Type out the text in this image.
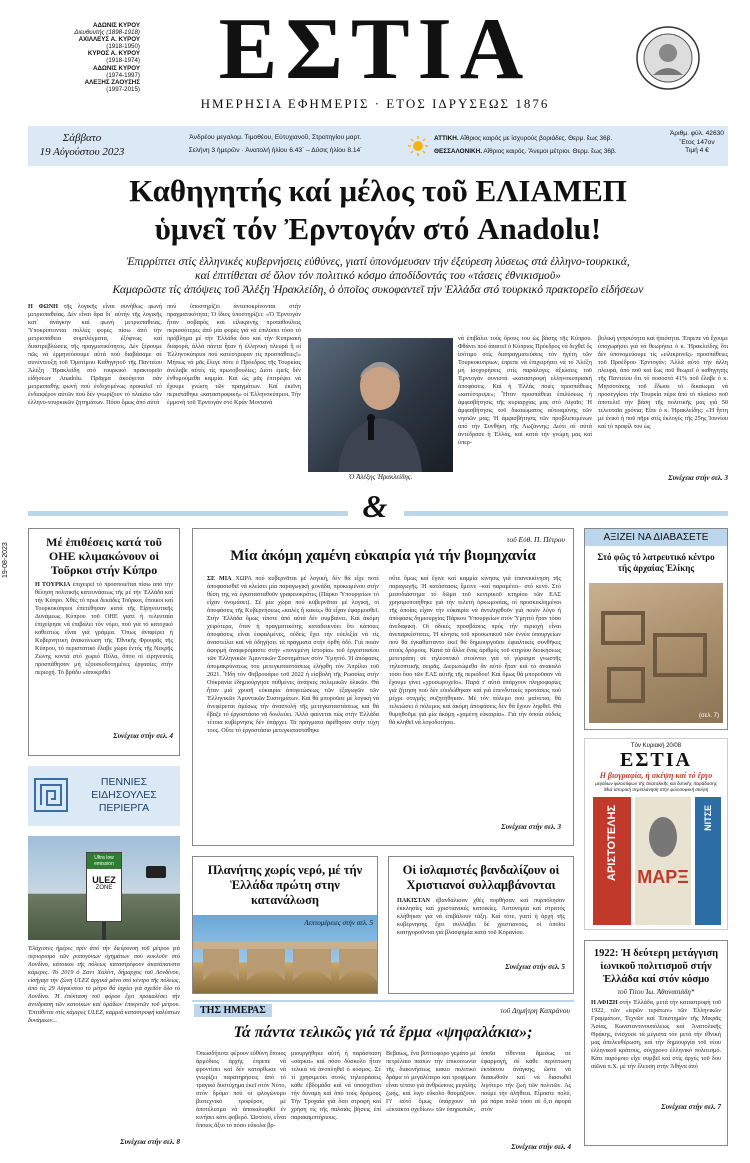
ΑΔΩΝΙΣ ΚΥΡΟΥ
Διευθυντής (1898-1918)
ΑΧΙΛΛΕΥΣ Α. ΚΥΡΟΥ
(1918-1950)
ΚΥΡΟΣ Α. ΚΥΡΟΥ
(1918-1974)
ΑΔΩΝΙΣ ΚΥΡΟΥ
(1974-1997)
ΑΛΕΞΗΣ ΖΑΟΥΣΗΣ
(1997-2015) ΕΣΤΙΑ
ΗΜΕΡΗΣΙΑ ΕΦΗΜΕΡΙΣ · ΕΤΟΣ ΙΔΡΥΣΕΩΣ 1876
Σάββατο
19 Αὐγούστου 2023
Ἀνδρέου μεγαλομ. Τιμοθέου, Εὐτυχιανοῦ, Στρατηγίου μαρτ.
Σελήνη 3 ἡμερῶν · Ἀνατολή ἡλίου 6.43´ – Δύσις ἡλίου 8.14´
ΑΤΤΙΚΗ. Αἴθριος καιρός με ἰσχυρούς βοριάδες. Θερμ. ἕως 36β.
ΘΕΣΣΑΛΟΝΙΚΗ. Αἴθριος καιρός. Ἄνεμοι μέτριοι. Θερμ. ἕως 36β.
Ἀριθμ. φύλ. 42630
Ἔτος 147ον
Τιμή 4 €
Καθηγητής καί μέλος τοῦ ΕΛΙΑΜΕΠ
ὑμνεῖ τόν Ἐρντογάν στό Anadolu!
Ἐπιρρίπτει στίς ἑλληνικές κυβερνήσεις εὐθύνες, γιατί ὑπονόμευσαν τήν ἐξεύρεση λύσεως στά ἑλληνο-τουρκικά,
καί ἐπιτίθεται σέ ὅλον τόν πολιτικό κόσμο ἀποδίδοντάς του «τάσεις ἐθνικισμοῦ»
Καμαρῶστε τίς ἀπόψεις τοῦ Ἀλέξη Ἡρακλείδη, ὁ ὁποῖος συκοφαντεῖ τήν Ἑλλάδα στό τουρκικό πρακτορεῖο εἰδήσεων
Η ΦΩΝΗ τῆς λογικῆς εἶναι συνήθως φωνή μετριοπαθείας. Δέν εἶναι ἄρα δι᾽ αὐτήν τῆς λογικῆς κατ᾽ ἀνάγκην καί φωνή μετριοπαθείας. Ὑποκρίπτονται πολλές φορές πίσω ἀπό τήν μετριοπάθεια συμπλέγματα, ἐξόφνως καί διαστρεβλώσεις τῆς πραγματικότητος. Δέν ξέρουμε πῶς νά ἑρμηνεύσουμε αὐτά πού διαβάσαμε σέ συνέντευξη τοῦ Ὁμοτίμου Καθηγητοῦ τῆς Παντείου Ἀλέξη Ἡρακλείδη στό τουρκικό πρακτορεῖο εἰδήσεων Anadolu. Πρᾶγμα ἀκούγεται σάν μετριοπαθής φωνή πού ἐνδεχομένως προκαλεῖ τό ἐνδιαφέρον αὐτῶν πού δέν γνωρίζουν τό πλαίσιο τῶν ἑλληνο-τουρκικῶν ζητημάτων. Πόσο ὅμως ἀπό αὐτά
πού ὑποστηρίζει ἀνταποκρίνονται στήν πραγματικότητα; Ὁ ἴδιος ὑποστηρίζει: «Ὁ Ἐρντογάν ἦταν σοβαρός καί εἰλικρινής προπαθούλεις περισσότερες ἀπό μία φορές γιά νά ἐπιλύσει τόσο τό πρόβλημα μέ τήν Ἑλλάδα ὅσο καί τήν Κυπριακή διαφορά, ἀλλά πάντα ἦταν ἡ ἑλληνική πλευρά ἢ οἱ Ἑλληνοκύπριοι πού κατέστρεφαν τίς προσπάθειες!» Μήπως νά μᾶς ἔλεγε πότε ὁ Πρόεδρος τῆς Τουρκίας ἀνέλαβε αὐτές τίς πρωτοβουλίες; Διότι ἐμεῖς δέν ἐνθυμούμεθα καμμία. Καί ὡς μᾶς ἐπιτρέψει νά ἔχουμε γνώση τῶν πραγμάτων. Καί ἐκεῖνη περιστάθηκε «καταστροφική» οἱ Ἑλληνοκύπριοι. Τήν ἐμμονή τοῦ Ἐρντογάν στό Κράν Μοντανά
Ὁ Ἀλέξης Ἡρακλείδης.
νά ἐπιβάλει τούς ὅρους του ὡς βάσης τῆς Κύπρου. Φθάνει πού ἀπαιτεῖ ὁ Κύπριος Πρόεδρος νά δεχθεῖ ὅς ἰσότιμο στίς διαπραγματεύσεις τόν ἡγέτη τῶν Τουρκοκυπρίων, ἐπρεπε νά ἐπιχειρήσει νά τό Ἀλέξη μή ἰσοχορήσεις στίς παράλογες ἀξιώσεις τοῦ Ἐρντογάν συνιστά «καταστροφή ελληνοκυπριακή ἀποφάσεις. Καί ἡ Ἑλλάς ποιές προσπάθειες «κατέστρεψε»; Ἦταν προσπάθεια ἐπιλύσεως ἡ ἀμφισβήτησις τῆς κυριαρχίας μας στό Αἰγαῖο; Ἡ ἀμφισβήτησις τοῦ δικαιώματος αὐτοαμύνης τῶν νησιῶν μας; Ἡ ἀμφισβήτησις τῶν προβλεπομένων ἀπό τήν Συνθήκη τῆς Λωζάννης; Διότι σέ αὐτά ἀντέδρασε ἡ Ἑλλάς, καί κατά τήν γνώμη μας καί ὑπερ-
βολική γνησιότητα καί ἠπιότητα. Ἐπρεπε νά ἔχουμε ὑποχωρήσει γιά νά θεωρήσει ὁ κ. Ἡρακλείδης ὅτι δέν ὑπονομεύουμε τίς «εἰλικρινεῖς» προσπάθειες τοῦ Προέδρου Ἐρντογάν; Ἀλλά αὐτό τήν ἀλλη πλευρά, ἀπό ποῦ καί ἕως ποῦ θεωρεῖ ὁ καθηγητής τῆς Παντείου ὅτι τό ποσοστό 41% ποῦ ἔλαβε ὁ κ. Μητσοτάκης τοῦ ἔδωσε τό δικαίωμα νά προσεγγίσει τήν Τουρκία πέρα ἀπό τό πλαίσιο ποῦ ἀποτελεῖ τήν βάση τῆς πολιτικῆς μας γιά 50 τελευταῖα χρόνια; Εἶπε ὁ κ. Ἡρακλείδης: «Ἡ ἥττη μέ ἑνικό ἡ ποῦ πῆρε στίς ἐκλογές τῆς 25ης Ἰουνίου καί τό προφίλ του ὡς
Συνέχεια στήν σελ. 3
&
19-08-2023
Μέ ἐπιθέσεις κατά τοῦ ΟΗΕ κλιμακώνουν οἱ Τοῦρκοι στήν Κύπρο
Η ΤΟΥΡΚΙΑ ἐπιχειρεῖ τό προσποιεῖται πίσω από τήν θέληση πολιτικῆς κατευνάσεως τῆς μέ τήν Ἑλλάδα καί τήν Κύπρο. Χθές τό πρωί δεκάδες Τοῦρκοι, ἔποικοι καί Τουρκοκύπριοι ἐπετέθησαν κατά τῆς Εἰρηνευτικῆς Δυνάμεως Κύπρου τοῦ ΟΗΕ γιατί ἡ τελευταία ἐπιχείρησε νά ἐπιβάλει τόν νόμο, πού γιά τό κατοχικό καθεστώς εἶναι γιά γράμμα. Ὅπως ἀναφέρει ἡ Κυβερνητική ἀνακοίνωση τῆς Ἐθνικῆς Φρουρᾶς τῆς Κύπρου, τό περιστατικό ἔλαβε χώρα ἐντός τῆς Νεκρῆς Ζώνης κοντά στό χωριό Πύλα, ὅπου οἱ εἰρηνευτές προσπάθησαν μή εξουσιοδοτημένες ἐργασίες στήν περιοχή. Τό βράδυ «ἀποκριθεί
Συνέχεια στήν σελ. 4
ΠΕΝΝΙΕΣ
ΕΙΔΗΣΟΥΛΕΣ
ΠΕΡΙΕΡΓΑ
Ultra low emission
ULEZ
ZONE
Ἐλάχιστες ἡμέρες πρίν ἀπό τήν διεύρυνση τοῦ μέτρου γιά περιορισμό τῶν ρυπογόνων ὀχημάτων πού κυκλοῦν στό Λονδίνο, κάτοικοι τῆς πόλεως καταστρέφουν ἀκατάπαυστα κάμερες. Τό 2019 ὁ Σαντ Χαλίντ, δήμαρχος τοῦ Λονδίνου, εἰσήγαγε τήν ζώνη ULEZ ἀρχικά μόνο στό κέντρο τῆς πόλεως, ἀπό τίς 29 Αὐγούστου τό μέτρο θά ἰσχύει γιά σχεδόν ὅλο τό Λονδίνο. Ἡ ἐπέκταση τοῦ φόρου ἔχει προκαλέσει τήν ἀντίδραση τῶν κατοίκων καί ὁμάδων ἐπικριτῶν τοῦ μέτρου. Ἐπιτίθεται στίς κάμερες ULEZ, καμμιά καταστροφή καλύπτων δυνάμεων...
Συνέχεια στήν σελ. 8
τοῦ Εὐθ. Π. Πέτρου
Μία ἀκόμη χαμένη εὐκαιρία γιά τήν βιομηχανία
ΣΕ ΜΙΑ ΧΩΡΑ πού κυβερνᾶται μέ λογική, δέν θά εἶχε ποτέ ἀποφασισθεῖ νά κλείσει μία παραγωγική μονάδα, προκειμένου στήν θέση της νά ἐγκατασταθοῦν γραφειοκράτες (Πάρκο Ὑπουργείων τό εἶχαν ὀνομάσει). Σέ μία χώρα πού κυβερνᾶται μέ λογική, οἱ ἀποφάσεις τῆς Κυβερνήσεως «καλές ἤ κακές» θά εἶχαν ἐφαρμοσθεῖ. Στήν Ἑλλάδα ὅμως τίποτε ἀπό αὐτά δέν συμβαίνει. Καί ἀκόμη χειρότερα, ὅταν ἡ πραγματικότης καταδεικνύει ὅτι κάποιες ἀποφάσεις εἶναι ἐσφαλμένες, οὐδείς ἔχει τήν εὐελιξία νά τίς ἀναστείλει καί νά ὁδηγήσει τά πράγματα στήν ὀρθή ὁδό. Γιά ποιάν ἀφορμή ἀναφερόμαστε στήν «πονεμένη ἱστορία» τοῦ ἐργοστασίου τῶν Ἑλληνικῶν Ἀμυντικῶν Συστημάτων στόν Ὑμηττό. Ἡ ἀπόφασις ἀπομακρύνσεως του μετεγκαταστάσεως ἐλήφθη τόν Ἀπρίλιο τοῦ 2021. Ἦδη τόν Φεβρουάριο τοῦ 2022 ἡ εἰσβολή τῆς Ρωσσίας στήν Οὐκρανία ἐδημιούργησε πύθμένες ἀνάγκες πολεμικῶν ὑλικῶν. Θά ἦταν μιά χρυσῆ εὐκαιρία ἀπογειώσεως τῶν ἐξαγωγῶν τῶν Ἑλληνικῶν Ἀμυντικῶν Συστημάτων. Καί θά μποροῦσε μέ λογική νά ἀνεφέρεται ἀμέσως τήν ἀναστολή τῆς μετεγκαταστάσεως καί θά ἔβαζε τό ἐργοστάσιο νά δουλεύει. Ἀλλά φαίνεται πώς στήν Ἑλλάδα τέτοια κυβέρνησις δέν ὑπάρχει. Τά πράγματα ἀφέθησαν στήν τύχη τους. Οὔτε τό ἐργοστάσιο μετεγκαταστάθηκε
οὔτε ὅμως καί ἔγινε καί καμμία κίνησις γιά ἐπανεκκίνηση τῆς παραγωγῆς. Ἡ κατάστασις ἔμεινε –καί παραμένει– στό κενό. Στό μεσοδιάστημα τό δῶμα τοῦ κεντρικοῦ κτηρίου τῶν ΕΑΣ χρησιμοποιήθηκε γιά τήν τελετή ὁρκωμοσίας, οἱ προσκεκλημένοι τῆς ὁποίας εἶχαν τήν εὐκαιρία νά ἀντιληφθοῦν γιά ποιόν λόγο ἡ ἀπόφασις δημιουργίας Πάρκου Ὑπουργείων στόν Ὑμηττό ἦταν τόσο ἀνεδαφική. Οἱ ὁδικές προσβάσεις πρός τήν περιοχή εἶναι ἀνεπαρκέστατες. Ἡ κίνησις τοῦ προσωπικοῦ τῶν ἐννέα ὑπουργείων πού θά ἐγκαθίσταντο ἐκεῖ θά δημιουργοῦσε ἐφιαλτικές συνθῆκες στούς δρόμους. Κατά τά ἄλλα ἕνας ἀριθμός τοῦ κτηρίου διοικήσεως μετετράπη σέ τηλεοπτικό στούντιο γιά τό γύρισμα γνωστῆς τηλεοπτικῆς σειρᾶς. Διερωτώμεθα ἄν αὐτό ἦταν καί τό ἀνακαλό τόσο ὅσο τῶν ΕΑΣ αὐτῆς τῆς περιόδου! Καί ὅμως θά μποροῦσαν νά ἔχουμε γίνει «χρυσωρυχεῖο». Παρά τ' αὐτά ὑπάρχουν πληροφορίες γιά ζήτηση πού δέν εὐοδώθηκαν καί γιά ἐπενδυτικές προτάσεις πού μέχρι στιγμής συζητήθηκαν. Μέ τόν πόλεμο πού μαίνεται, θά τελειώσει ὁ πόλεμος καί ἀκόμη ἀποφάσεις δέν θά ἔχουν ληφθεῖ. Θά θυμηθοῦμε γιά μία ἀκόμη «χαμένη εὐκαιρία». Γιά τήν ὁποία οὐδείς θά κληθεῖ νά λογοδοτήσει.
Συνέχεια στήν σελ. 3
Πλανήτης χωρίς νερό, μέ τήν Ἑλλάδα πρώτη στην κατανάλωση
Λεπτομέρειες στήν σελ. 5
Οἱ ἰσλαμιστές βανδαλίζουν οἱ Χριστιανοί συλλαμβάνονται
ΠΑΚΙΣΤΑΝ ἐβανδάλισαν χθές πορθήσαν καί πυρπόλησαν ἐκκλησίες καί χριστιανικές κατοικίες. Ἀστυνομία καί στρατός κλήθηκαν γιά νά ἐπιβάλουν τάξη. Καί τότε, γιατί ἡ ἀρχή τῆς κυβέρνησης ἔχει συλλάβει δέ χριστιανούς, οἱ ὁποῖοι κατηγοροῦνται γιά βλασφημία κατά τοῦ Κορανίου.
Συνέχεια στήν σελ. 5
ΑΞΙΖΕΙ ΝΑ ΔΙΑΒΑΣΕΤΕ
Στό φῶς τό λατρευτικό κέντρο τῆς ἀρχαίας Ἑλίκης
(σελ. 7)
Τὸν Κυριακή 20/08
ΕΣΤΙΑ
Η βιογραφία, ἡ σκέψη καί τό ἔργο
μεγάλων φιλοσόφων τῆς ἀνατολικῆς καί δυτικῆς παράδοσης
Μιά ἱστορική περιπλάνηση στήν φιλοσοφική σκέψη
ΑΡΙΣΤΟΤΕΛΗΣ ΜΑΡΞ
ΝΙΤΣΕ
1922: Ἡ δεύτερη μετάγγιση ἰωνικοῦ πολιτισμοῦ στήν Ἑλλάδα καί στόν κόσμο
τοῦ Τίτου Ἰω. Ἀθανασιάδη*
Η ΑΦΙΞΗ στήν Ἑλλάδα, μετά τήν καταστροφή τοῦ 1922, τῶν «ἱερῶν τεράτων» τῶν Ἑλληνικῶν Γραμμάτων, Τεχνῶν καί Ἐπιστημῶν τῆς Μικρᾶς Ἀσίας, Κωνσταντινουπόλεως καί Ἀνατολικῆς Θρᾴκης, ἐνίσχυσε τά μέγιστα τόν μετά τήν ἐθνική μας ἀπελευθέρωση, καί τήν δημιουργία τοῦ νέου ἑλληνικοῦ κράτους, σύγχρονο ἑλληνικό πολιτισμό. Κάτι παρόμοιο εἶχε συμβεῖ καί στίς ἀρχές τοῦ δου αἰῶνα π.Χ. μέ τήν ἔλευση στήν Ἀθήνα ἀπό
Συνέχεια στήν σελ. 7
ΤΗΣ ΗΜΕΡΑΣ	τοῦ Δημήτρη Καπράνου
Τά πάντα τελικῶς γιά τά ἔρμα «ψηφαλάκια»;
Ὀπωσδήποτε φέρουν εὐθύνη ὅποιος ἀρμόδιος ἀρχής ἐπρεπε νά φροντίσει καί δέν κατορθωσε νά γνωρίζει παρατηρήσεις ἀπό τό τραγικό δυστύχημα ἐκεῖ στόν Νότο, στόν δρόμο πού οἱ φλογώνυμο βιοτεχνικό τροφέρον, μέ ἀποτέλεσμα νά ἀποκαλυφθεῖ ἐν κινήσει κάτι φοβερό. Ὡστόσο, εἶναι ὅποιος ἄξιο τό πόσο εὔκολα βρ-
μιουργήθηκε αὐτή ἡ παράσταση «σάρκα» καί πόσο δύσκολο ἦταν τελικά νά ἀνοπληθεῖ ὁ κόσμος. Σέ τί χρησιμεύει στούς τηλεοράσεις κάθε ἑβδομάδα καί νά ὑποσχεῖται τήν δύναμη καί ἀπό τούς δρόμους Τήν Τροχαία γιά ὅσο στροφή καί χρήση τίς τῆς παλαιάς βήσεις ἐπί παρακαμπτήριους.
Βεβαίως, ἕνα βυττιοφόρο γεμάτο μέ πετρέλαιο πασών τήν ἐπικοινωνία τῆς διακινήσεως κακιο πολιτικό δράμα τό μεγαλύτερο καί τροφίμων εἶναι τέτοιο γιά ἀνθρώπους μεγάλης ζωής, καί λιγο εὔκολο θαυμάζουν. Γι' αὐτό ὅμως ὑπάρχουν τά «ἐκτακτα σχεδίων» τῶν ὑπηρεσιῶν,
ὁποῖα τίθενται ἄμεσως σέ ἐφαρμογή, σέ κάθε περίπτωση ἐκτάκτου ἀνάγκης, ὥστε νά διασωθοῦν καί νά διασωθεῖ λιγότερο τήν ζωή τῶν πολιτῶν. Ας πούμε τήν ἀλήθεια. Εἶμαστε πολύ, μά πάρα πολύ τόσο σέ ὅ,τι ἀφορά στόν
Συνέχεια στήν σελ. 4
